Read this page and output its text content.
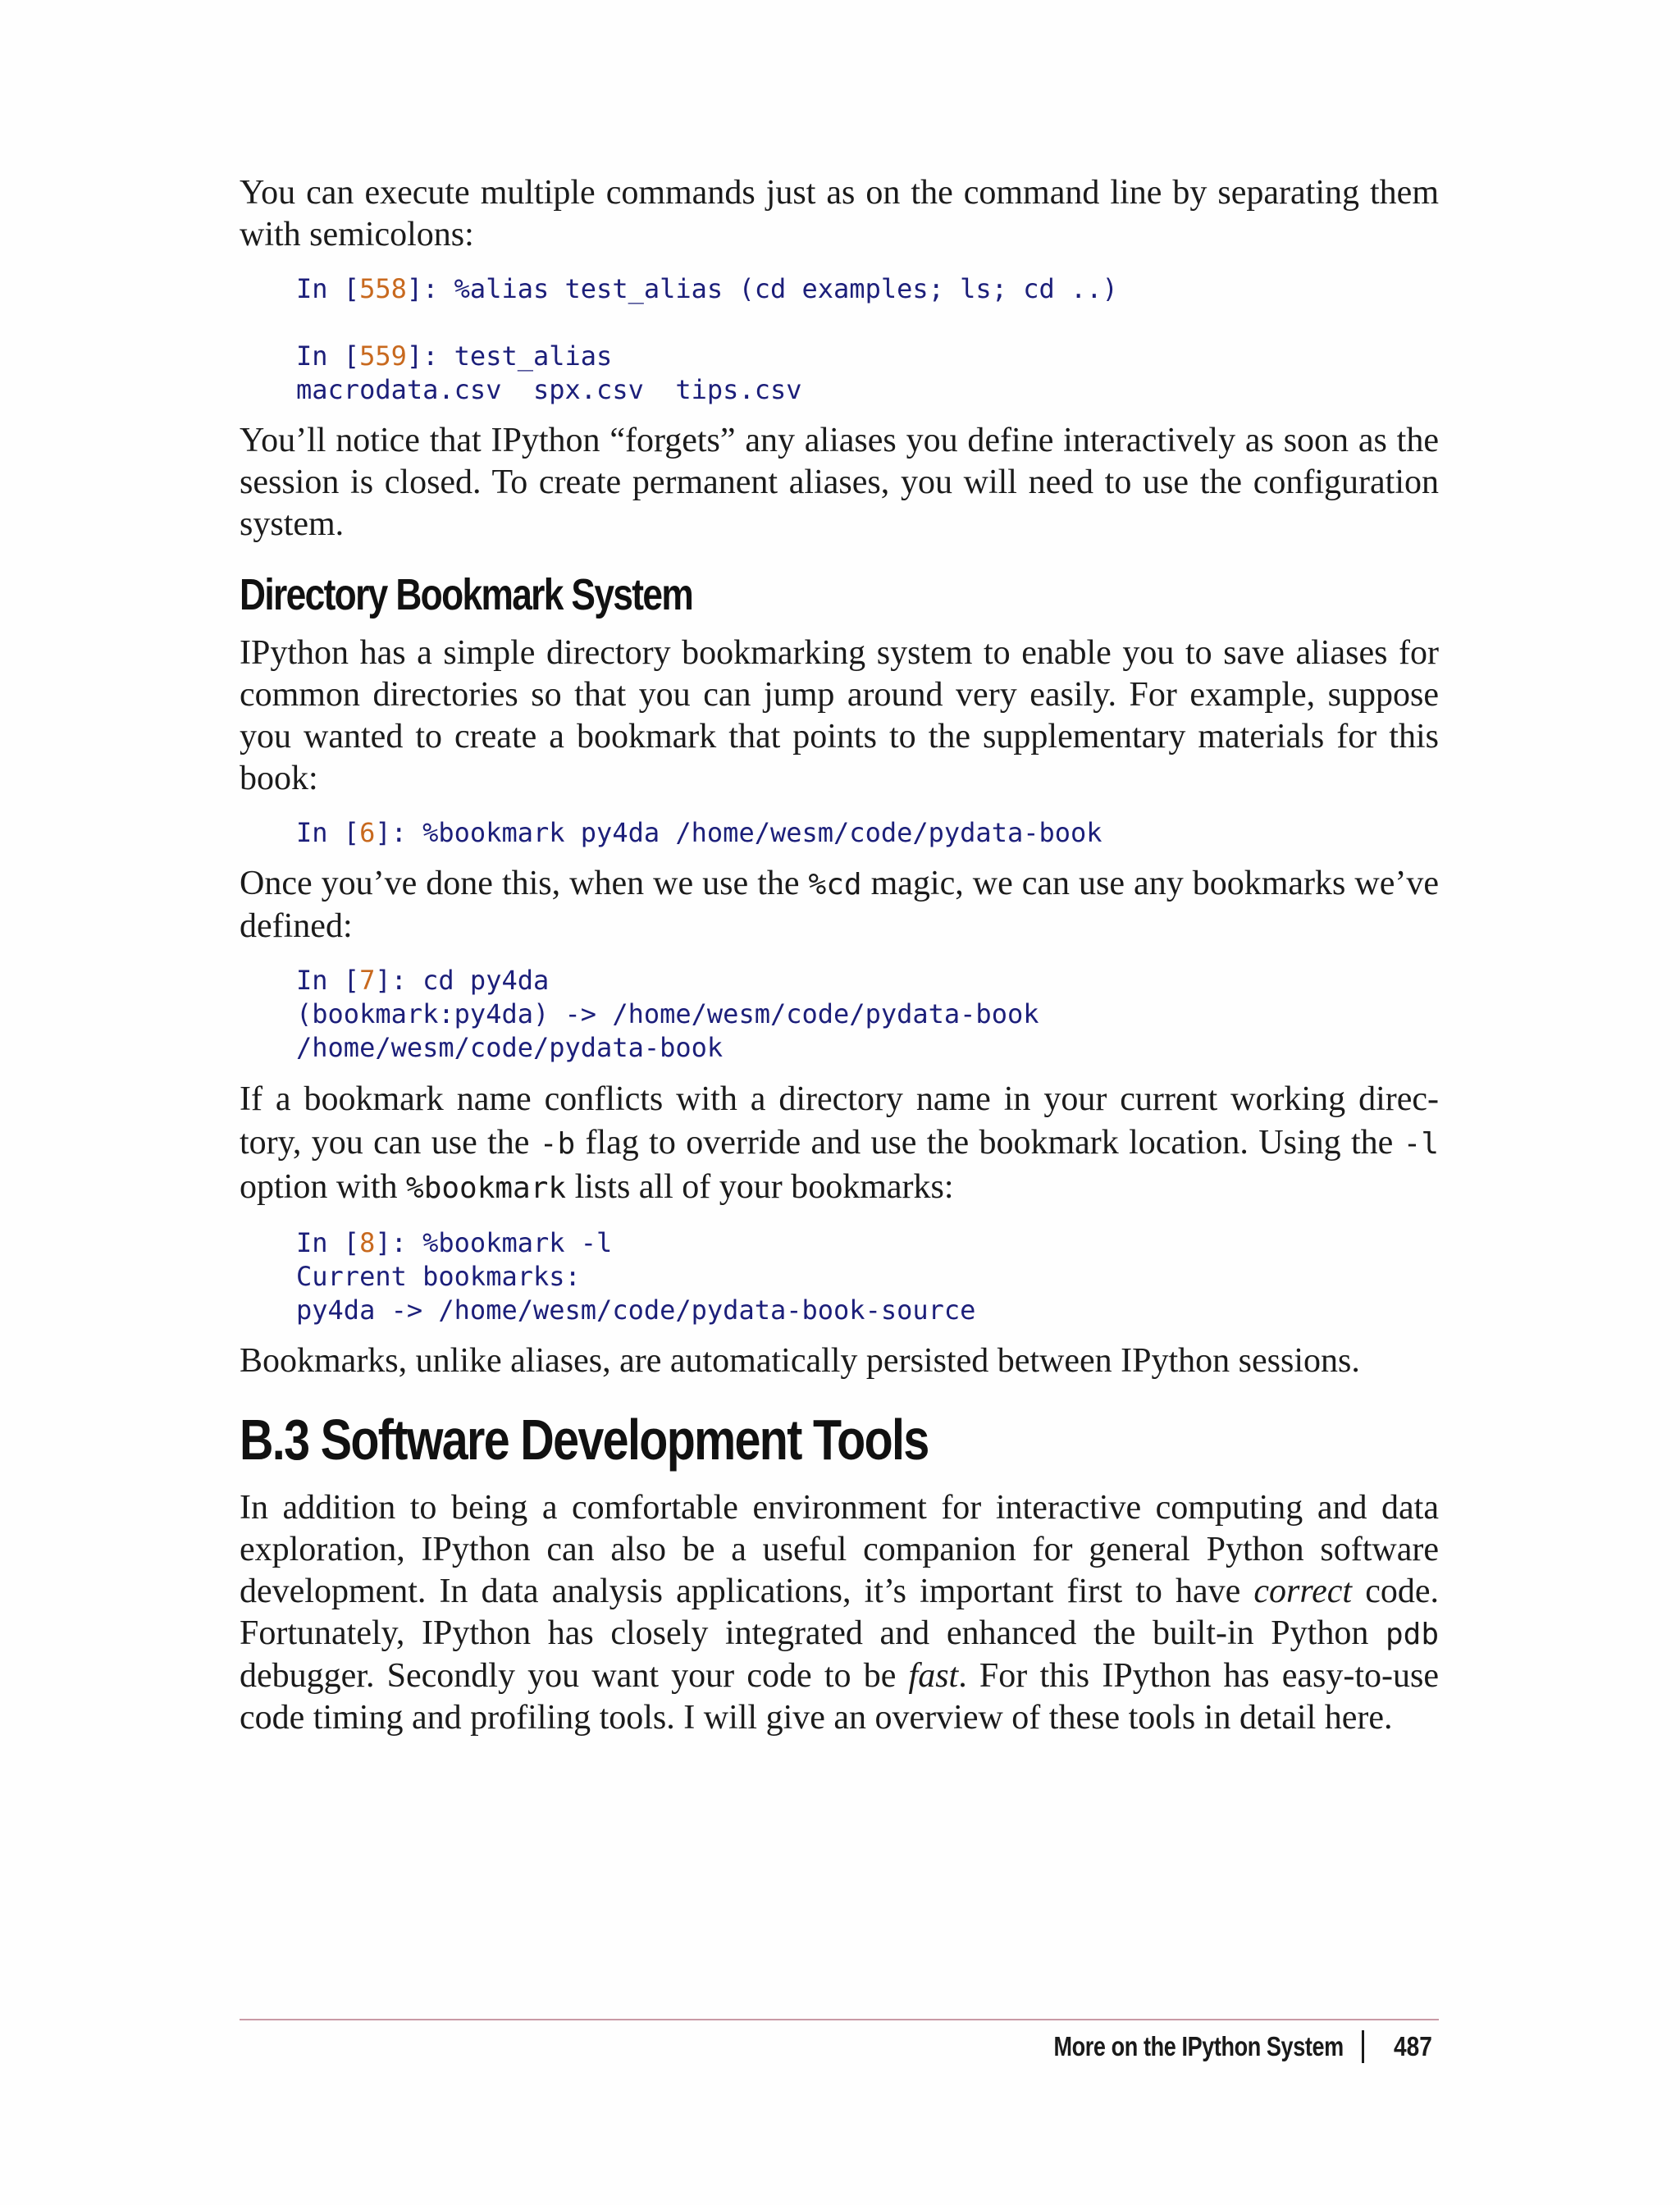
You can execute multiple commands just as on the command line by separating them with semicolons:

In [558]: %alias test_alias (cd examples; ls; cd ..)

In [559]: test_alias
macrodata.csv  spx.csv  tips.csv

You’ll notice that IPython “forgets” any aliases you define interactively as soon as the session is closed. To create permanent aliases, you will need to use the configuration system.

Directory Bookmark System

IPython has a simple directory bookmarking system to enable you to save aliases for common directories so that you can jump around very easily. For example, suppose you wanted to create a bookmark that points to the supplementary materials for this book:

In [6]: %bookmark py4da /home/wesm/code/pydata-book

Once you’ve done this, when we use the %cd magic, we can use any bookmarks we’ve defined:

In [7]: cd py4da
(bookmark:py4da) -> /home/wesm/code/pydata-book
/home/wesm/code/pydata-book

If a bookmark name conflicts with a directory name in your current working direc‐tory, you can use the -b flag to override and use the bookmark location. Using the -l option with %bookmark lists all of your bookmarks:

In [8]: %bookmark -l
Current bookmarks:
py4da -> /home/wesm/code/pydata-book-source

Bookmarks, unlike aliases, are automatically persisted between IPython sessions.

B.3 Software Development Tools

In addition to being a comfortable environment for interactive computing and data exploration, IPython can also be a useful companion for general Python software development. In data analysis applications, it’s important first to have correct code. Fortunately, IPython has closely integrated and enhanced the built-in Python pdb debugger. Secondly you want your code to be fast. For this IPython has easy-to-use code timing and profiling tools. I will give an overview of these tools in detail here.

More on the IPython System 487
